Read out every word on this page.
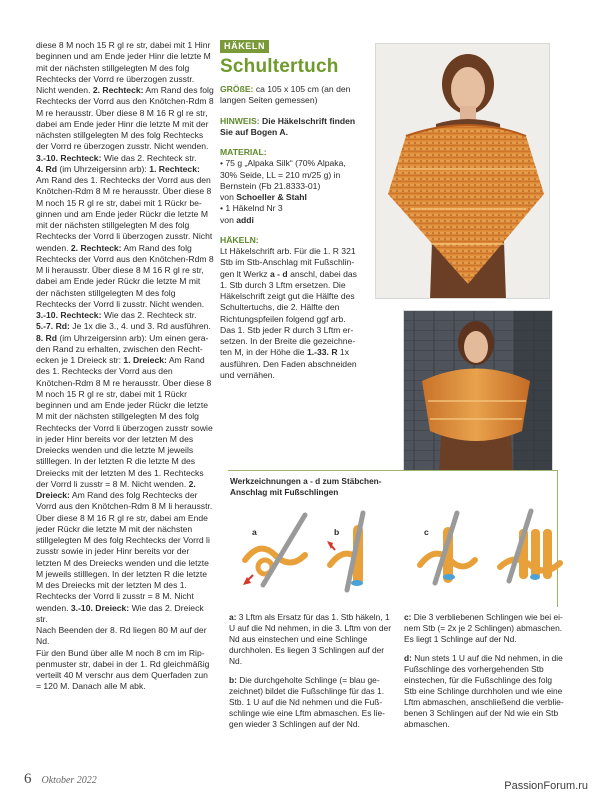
diese 8 M noch 15 R gl re str, dabei mit 1 Hinr beginnen und am Ende jeder Hinr die letzte M mit der nächsten stillgelegten M des folg Rechtecks der Vorrd re überzogen zusstr. Nicht wenden. 2. Rechteck: Am Rand des folg Rechtecks der Vorrd aus den Knötchen-Rdm 8 M re herausstr. Über diese 8 M 16 R gl re str, dabei am Ende jeder Hinr die letzte M mit der nächsten stillgelegten M des folg Rechtecks der Vorrd re überzogen zusstr. Nicht wenden. 3.-10. Rechteck: Wie das 2. Rechteck str.

4. Rd (im Uhrzeigersinn arb): 1. Rechteck: Am Rand des 1. Rechtecks der Vorrd aus den Knötchen-Rdm 8 M re herausstr. Über diese 8 M noch 15 R gl re str, dabei mit 1 Rückr beginnen und am Ende jeder Rückr die letzte M mit der nächsten stillgelegten M des folg Rechtecks der Vorrd li überzogen zusstr. Nicht wenden. 2. Rechteck: Am Rand des folg Rechtecks der Vorrd aus den Knötchen-Rdm 8 M li herausstr. Über diese 8 M 16 R gl re str, dabei am Ende jeder Rückr die letzte M mit der nächsten stillgelegten M des folg Rechtecks der Vorrd li zusstr. Nicht wenden. 3.-10. Rechteck: Wie das 2. Rechteck str.

5.-7. Rd: Je 1x die 3., 4. und 3. Rd ausführen.

8. Rd (im Uhrzeigersinn arb): Um einen geraden Rand zu erhalten, zwischen den Rechtecken je 1 Dreieck str: 1. Dreieck: Am Rand des 1. Rechtecks der Vorrd aus den Knötchen-Rdm 8 M re herausstr. Über diese 8 M noch 15 R gl re str, dabei mit 1 Rückr beginnen und am Ende jeder Rückr die letzte M mit der nächsten stillgelegten M des folg Rechtecks der Vorrd li überzogen zusstr sowie in jeder Hinr bereits vor der letzten M des Dreiecks wenden und die letzte M jeweils stilllegen. In der letzten R die letzte M des Dreiecks mit der letzten M des 1. Rechtecks der Vorrd li zusstr = 8 M. Nicht wenden. 2. Dreieck: Am Rand des folg Rechtecks der Vorrd aus den Knötchen-Rdm 8 M li herausstr. Über diese 8 M 16 R gl re str, dabei am Ende jeder Rückr die letzte M mit der nächsten stillgelegten M des folg Rechtecks der Vorrd li zusstr sowie in jeder Hinr bereits vor der letzten M des Dreiecks wenden und die letzte M jeweils stilllegen. In der letzten R die letzte M des Dreiecks mit der letzten M des 1. Rechtecks der Vorrd li zusstr = 8 M. Nicht wenden. 3.-10. Dreieck: Wie das 2. Dreieck str.

Nach Beenden der 8. Rd liegen 80 M auf der Nd.

Für den Bund über alle M noch 8 cm im Rippenmuster str, dabei in der 1. Rd gleichmäßig verteilt 40 M verschr aus dem Querfaden zun = 120 M. Danach alle M abk.

HÄKELN
Schultertuch
GRÖßE: ca 105 x 105 cm (an den langen Seiten gemessen)
HINWEIS: Die Häkelschrift finden Sie auf Bogen A.
MATERIAL:
• 75 g „Alpaka Silk“ (70% Alpaka, 30% Seide, LL = 210 m/25 g) in Bernstein (Fb 21.8333-01)
von Schoeller & Stahl
• 1 Häkelnd Nr 3
von addi
HÄKELN:
Lt Häkelschrift arb. Für die 1. R 321 Stb im Stb-Anschlag mit Fußschlingen lt Werkz a - d anschl, dabei das 1. Stb durch 3 Lftm ersetzen. Die Häkelschrift zeigt gut die Hälfte des Schultertuchs, die 2. Hälfte den Richtungspfeilen folgend ggf arb. Das 1. Stb jeder R durch 3 Lftm ersetzen. In der Breite die gezeichneten M, in der Höhe die 1.-33. R 1x ausführen. Den Faden abschneiden und vernähen.
Werkzeichnungen a - d zum Stäbchen-Anschlag mit Fußschlingen
a	b	c

a: 3 Lftm als Ersatz für das 1. Stb häkeln, 1 U auf die Nd nehmen, in die 3. Lftm von der Nd aus einstechen und eine Schlinge durchholen. Es liegen 3 Schlingen auf der Nd.

b: Die durchgeholte Schlinge (= blau gezeichnet) bildet die Fußschlinge für das 1. Stb. 1 U auf die Nd nehmen und die Fußschlinge wie eine Lftm abmaschen. Es liegen wieder 3 Schlingen auf der Nd.

c: Die 3 verbliebenen Schlingen wie bei einem Stb (= 2x je 2 Schlingen) abmaschen. Es liegt 1 Schlinge auf der Nd.

d: Nun stets 1 U auf die Nd nehmen, in die Fußschlinge des vorhergehenden Stb einstechen, für die Fußschlinge des folg Stb eine Schlinge durchholen und wie eine Lftm abmaschen, anschließend die verbliebenen 3 Schlingen auf der Nd wie ein Stb abmaschen.

6 Oktober 2022	PassionForum.ru
